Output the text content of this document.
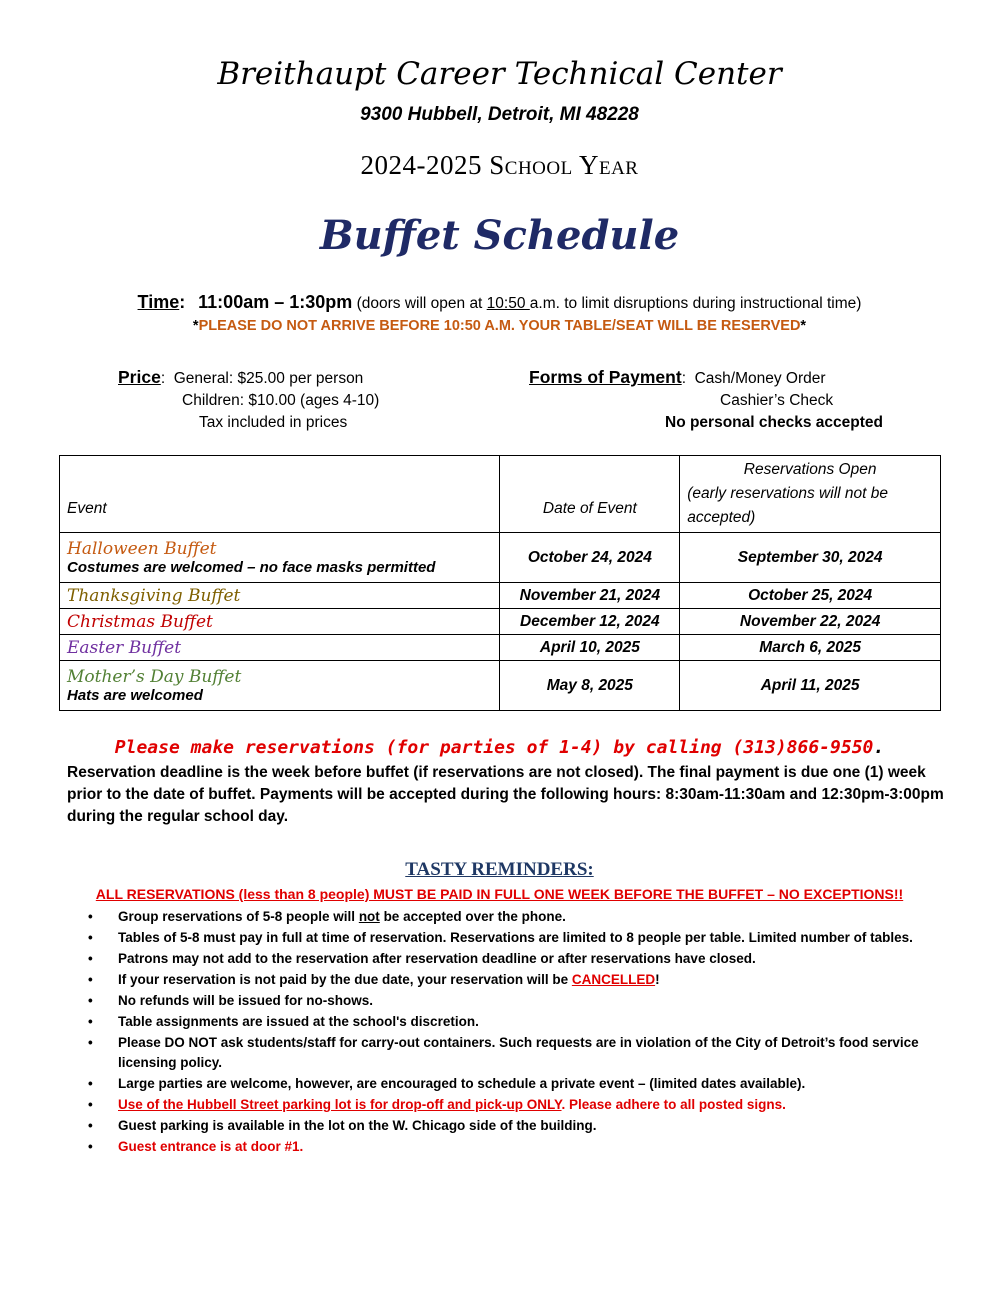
Breithaupt Career Technical Center
9300 Hubbell, Detroit, MI 48228
2024-2025 School Year
Buffet Schedule
Time: 11:00am – 1:30pm (doors will open at 10:50 a.m. to limit disruptions during instructional time)
*PLEASE DO NOT ARRIVE BEFORE 10:50 A.M. YOUR TABLE/SEAT WILL BE RESERVED*
Price:  General: $25.00 per person
Children: $10.00 (ages 4-10)
Tax included in prices
Forms of Payment:  Cash/Money Order
Cashier’s Check
No personal checks accepted
Event	Date of Event	Reservations Open
(early reservations will not be accepted)

Halloween Buffet
Costumes are welcomed – no face masks permitted	October 24, 2024	September 30, 2024

Thanksgiving Buffet	November 21, 2024	October 25, 2024

Christmas Buffet	December 12, 2024	November 22, 2024

Easter Buffet	April 10, 2025	March 6, 2025

Mother’s Day Buffet
Hats are welcomed	May 8, 2025	April 11, 2025
Please make reservations (for parties of 1-4) by calling (313)866-9550.
Reservation deadline is the week before buffet (if reservations are not closed). The final payment is due one (1) week prior to the date of buffet. Payments will be accepted during the following hours: 8:30am-11:30am and 12:30pm-3:00pm during the regular school day.
TASTY REMINDERS:
ALL RESERVATIONS (less than 8 people) MUST BE PAID IN FULL ONE WEEK BEFORE THE BUFFET – NO EXCEPTIONS!!
• Group reservations of 5-8 people will not be accepted over the phone.
• Tables of 5-8 must pay in full at time of reservation. Reservations are limited to 8 people per table. Limited number of tables.
• Patrons may not add to the reservation after reservation deadline or after reservations have closed.
• If your reservation is not paid by the due date, your reservation will be CANCELLED!
• No refunds will be issued for no-shows.
• Table assignments are issued at the school's discretion.
• Please DO NOT ask students/staff for carry-out containers. Such requests are in violation of the City of Detroit’s food service licensing policy.
• Large parties are welcome, however, are encouraged to schedule a private event – (limited dates available).
• Use of the Hubbell Street parking lot is for drop-off and pick-up ONLY. Please adhere to all posted signs.
• Guest parking is available in the lot on the W. Chicago side of the building.
• Guest entrance is at door #1.
